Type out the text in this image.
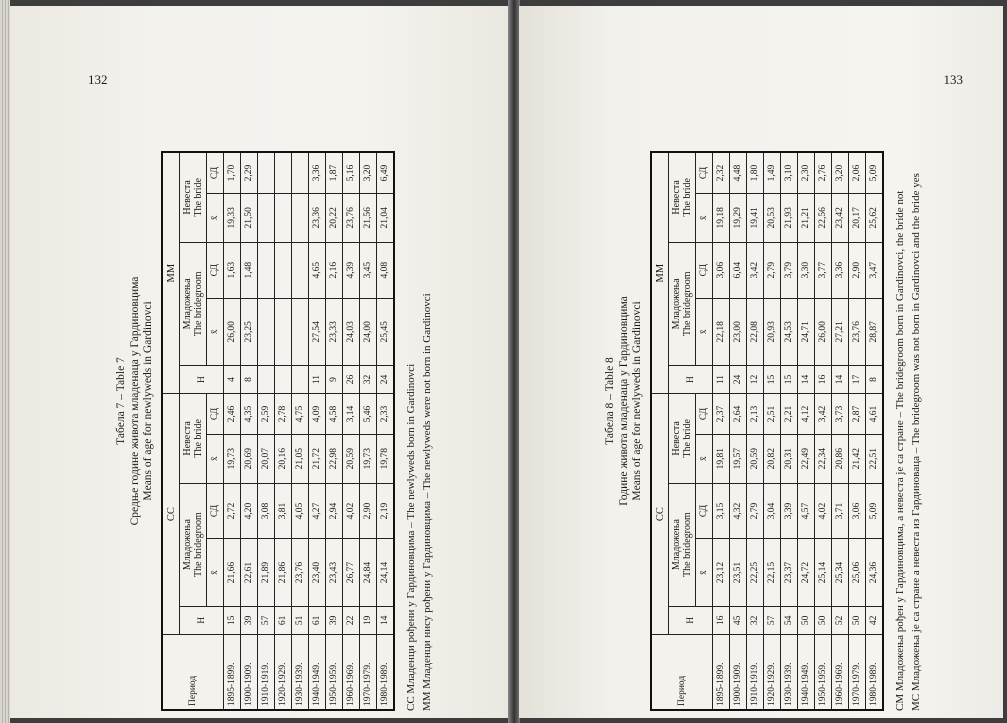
132
Табела 7 – Table 7 Средње године живота младенаца у Гардиновцима Means of age for newlyweds in Gardinovci
Период	СС					ММ				
	Н	Младожења
The bridegroom		Невеста
The bride		Н	Младожења
The bridegroom		Невеста
The bride	
		x̄	СД	x̄	СД		x̄	СД	x̄	СД
1895-1899.	15	21,66	2,72	19,73	2,46	4	26,00	1,63	19,33	1,70
1900-1909.	39	22,61	4,20	20,69	4,35	8	23,25	1,48	21,50	2,29
1910-1919.	57	21,89	3,08	20,07	2,59					
1920-1929.	61	21,86	3,81	20,16	2,78					
1930-1939.	51	23,76	4,05	21,05	4,75					
1940-1949.	61	23,40	4,27	21,72	4,09	11	27,54	4,65	23,36	3,36
1950-1959.	39	23,43	2,94	22,98	4,58	9	23,33	2,16	20,22	1,87
1960-1969.	22	26,77	4,02	20,59	3,14	26	24,03	4,39	23,76	5,16
1970-1979.	19	24,84	2,90	19,73	5,46	32	24,00	3,45	21,56	3,20
1980-1989.	14	24,14	2,19	19,78	2,33	24	25,45	4,08	21,04	6,49
СС Младенци рођени у Гардиновцима – The newlyweds born in Gardinovci ММ Младенци нису рођени у Гардиновцима – The newlyweds were not born in Gardinovci
133
Табела 8 – Table 8 Године живота младенаца у Гардиновцима Means of age for newlyweds in Gardinovci
Период	СС					ММ				
	Н	Младожења
The bridegroom		Невеста
The bride		Н	Младожења
The bridegroom		Невеста
The bride	
		x̄	СД	x̄	СД		x̄	СД	x̄	СД
1895-1899.	16	23,12	3,15	19,81	2,37	11	22,18	3,06	19,18	2,32
1900-1909.	45	23,51	4,32	19,57	2,64	24	23,00	6,04	19,29	4,48
1910-1919.	32	22,25	2,79	20,59	2,13	12	22,08	3,42	19,41	1,80
1920-1929.	57	22,15	3,04	20,82	2,51	15	20,93	2,79	20,53	1,49
1930-1939.	54	23,37	3,39	20,31	2,21	15	24,53	3,79	21,93	3,10
1940-1949.	50	24,72	4,57	22,49	4,12	14	24,71	3,30	21,21	2,30
1950-1959.	50	25,14	4,02	22,34	3,42	16	26,00	3,77	22,56	2,76
1960-1969.	52	25,34	3,71	20,86	3,73	14	27,21	3,36	23,42	3,20
1970-1979.	50	25,06	3,06	21,42	2,87	17	23,76	2,90	20,17	2,06
1980-1989.	42	24,36	5,09	22,51	4,61	8	28,87	3,47	25,62	5,09
СМ Младожења рођен у Гардиновцима, а невеста је са стране – The bridegroom born in Gardinovci, the bride not МС Младожења је са стране а невеста из Гардиновaца – The bridegroom was not born in Gardinovci and the bride yes
